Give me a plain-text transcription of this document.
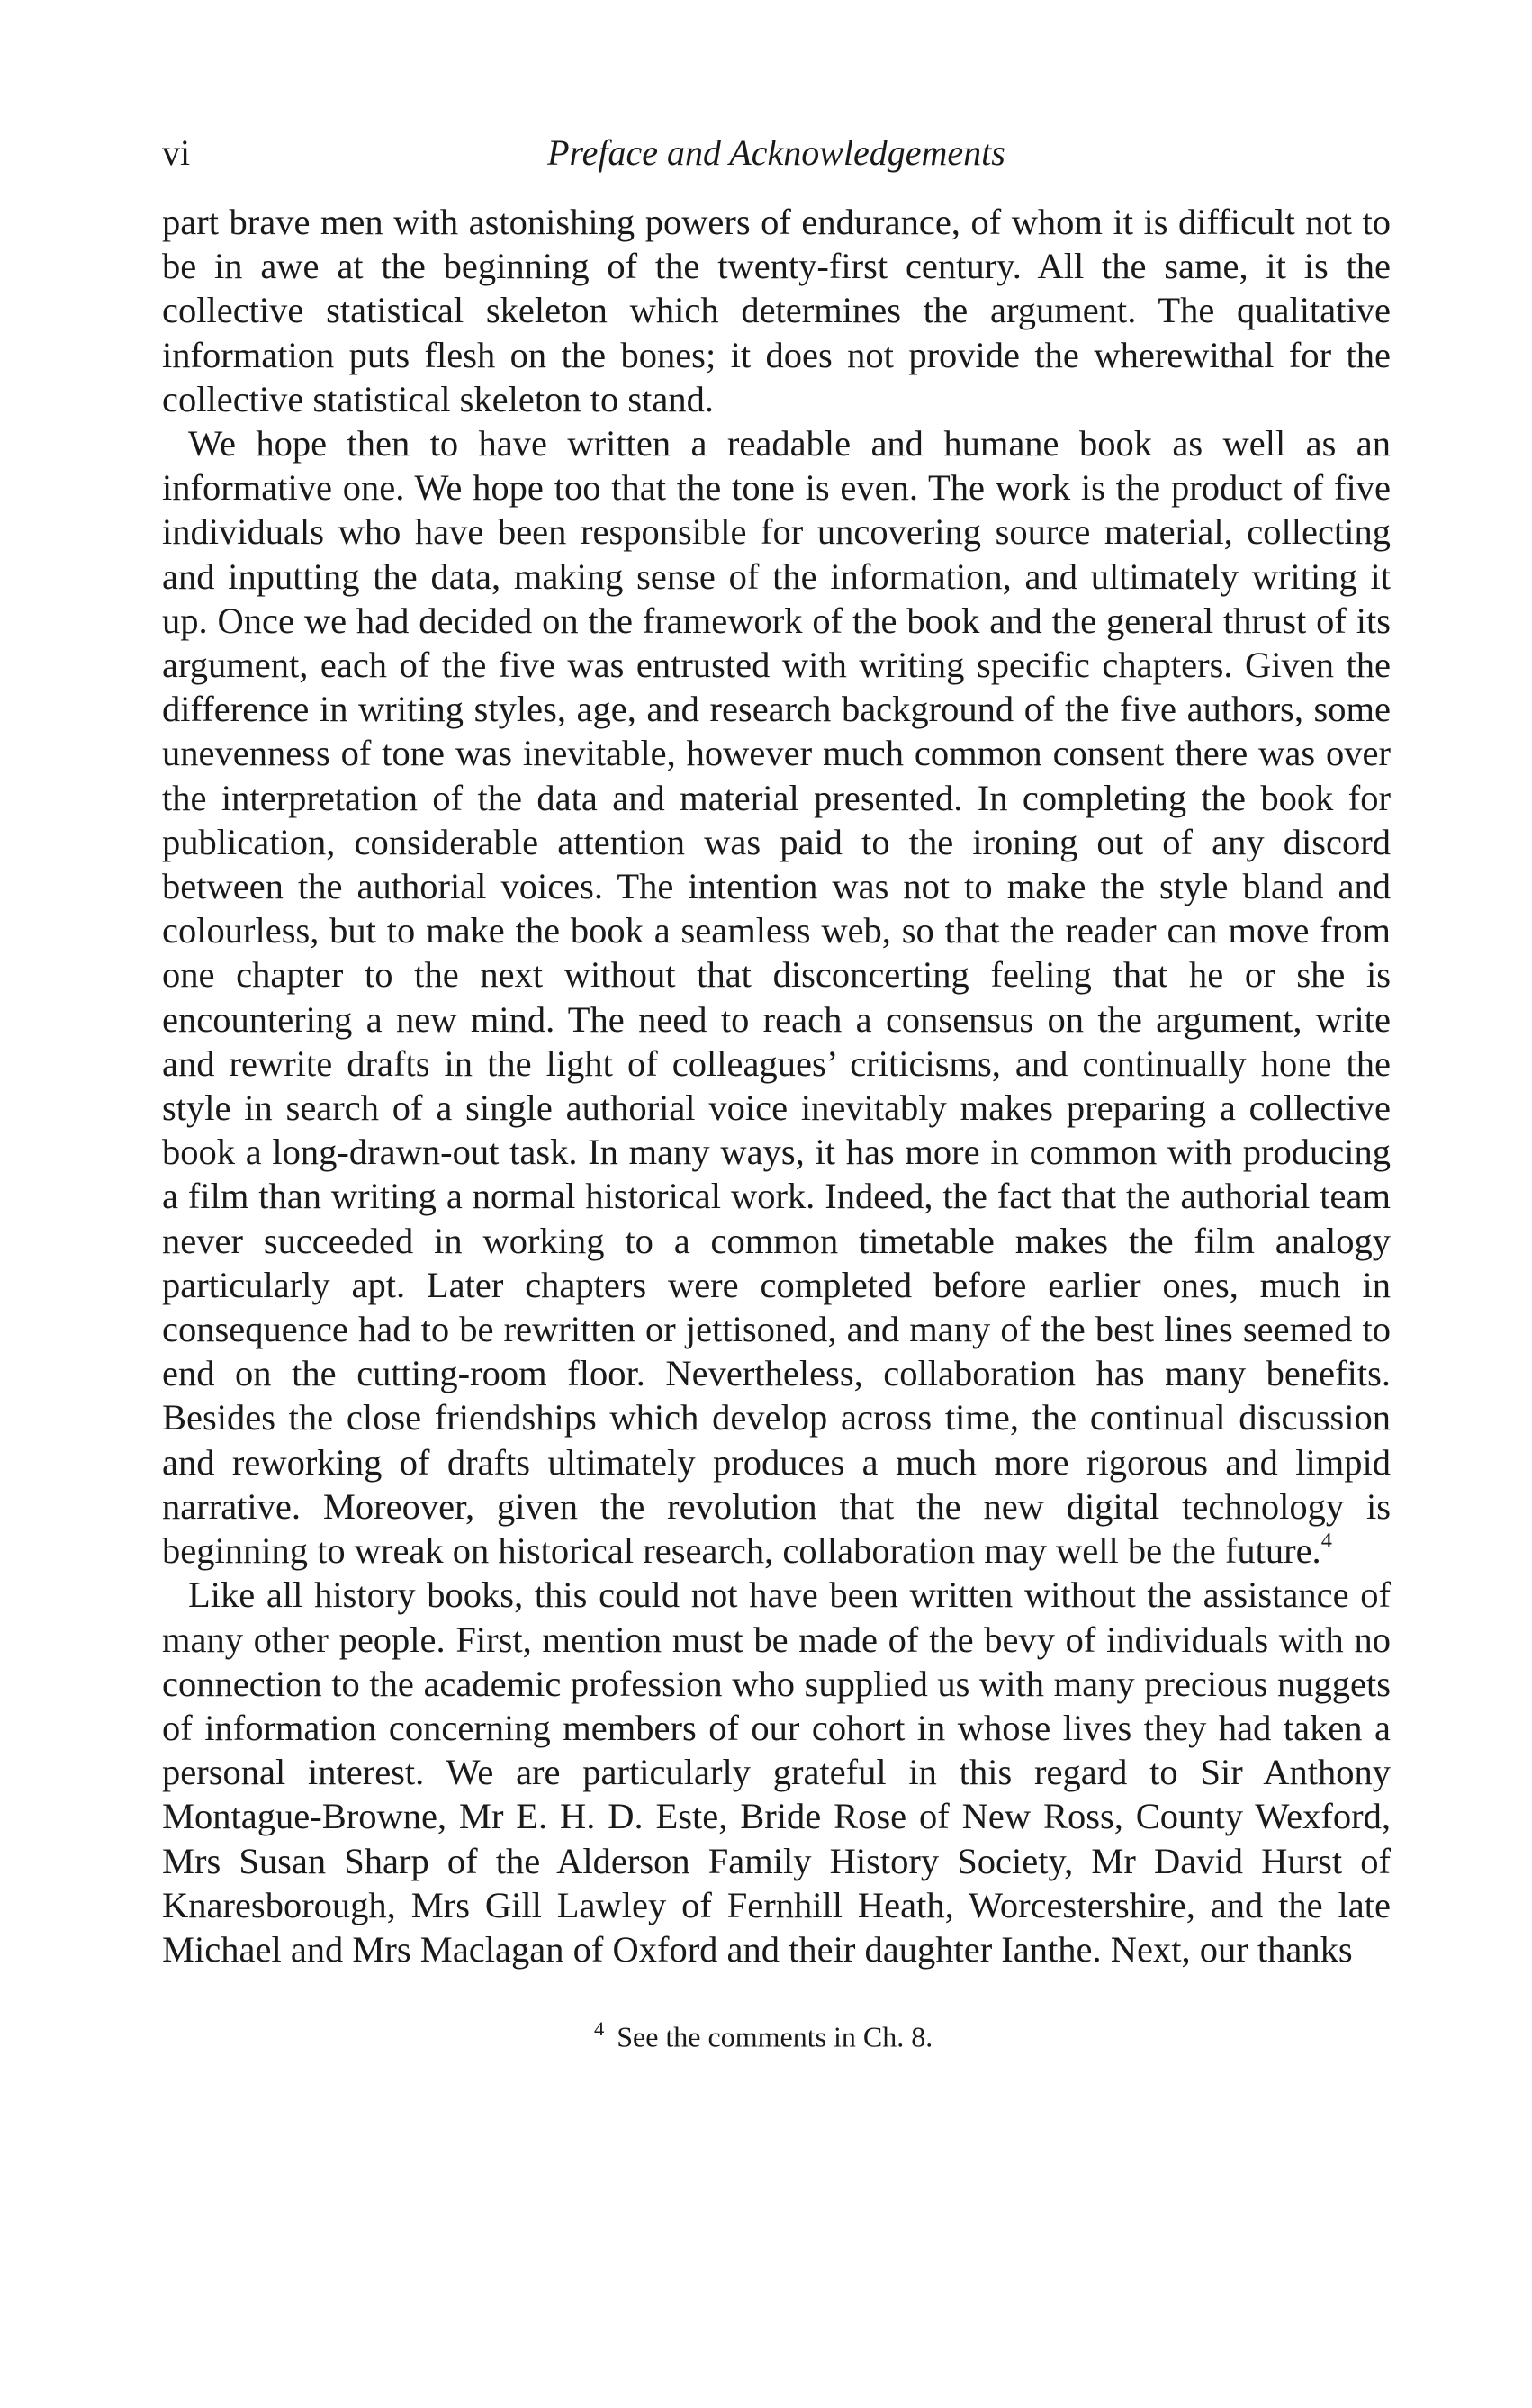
vi	Preface and Acknowledgements

part brave men with astonishing powers of endurance, of whom it is difficult not to be in awe at the beginning of the twenty-first century. All the same, it is the collective statistical skeleton which determines the argument. The qualitative information puts flesh on the bones; it does not provide the wherewithal for the collective statistical skeleton to stand.

We hope then to have written a readable and humane book as well as an informative one. We hope too that the tone is even. The work is the product of five individuals who have been responsible for uncovering source material, collecting and inputting the data, making sense of the information, and ultimately writing it up. Once we had decided on the framework of the book and the general thrust of its argument, each of the five was entrusted with writing specific chapters. Given the difference in writing styles, age, and research background of the five authors, some unevenness of tone was inevitable, however much common consent there was over the interpretation of the data and material presented. In completing the book for publication, considerable attention was paid to the ironing out of any discord between the authorial voices. The intention was not to make the style bland and colourless, but to make the book a seamless web, so that the reader can move from one chapter to the next without that disconcerting feeling that he or she is encountering a new mind. The need to reach a consensus on the argument, write and rewrite drafts in the light of colleagues’ criticisms, and continually hone the style in search of a single authorial voice inevitably makes preparing a collective book a long-drawn-out task. In many ways, it has more in common with producing a film than writing a normal historical work. Indeed, the fact that the authorial team never succeeded in working to a common timetable makes the film analogy particularly apt. Later chapters were completed before earlier ones, much in consequence had to be rewritten or jettisoned, and many of the best lines seemed to end on the cutting-room floor. Nevertheless, collaboration has many benefits. Besides the close friendships which develop across time, the continual discussion and reworking of drafts ultimately produces a much more rigorous and limpid narrative. Moreover, given the revolution that the new digital technology is beginning to wreak on historical research, collaboration may well be the future.$^4$

Like all history books, this could not have been written without the assistance of many other people. First, mention must be made of the bevy of individuals with no connection to the academic profession who supplied us with many precious nuggets of information concerning members of our cohort in whose lives they had taken a personal interest. We are particularly grateful in this regard to Sir Anthony Montague-Browne, Mr E. H. D. Este, Bride Rose of New Ross, County Wexford, Mrs Susan Sharp of the Alderson Family History Society, Mr David Hurst of Knaresborough, Mrs Gill Lawley of Fernhill Heath, Worcestershire, and the late Michael and Mrs Maclagan of Oxford and their daughter Ianthe. Next, our thanks

$^4$ See the comments in Ch. 8.
